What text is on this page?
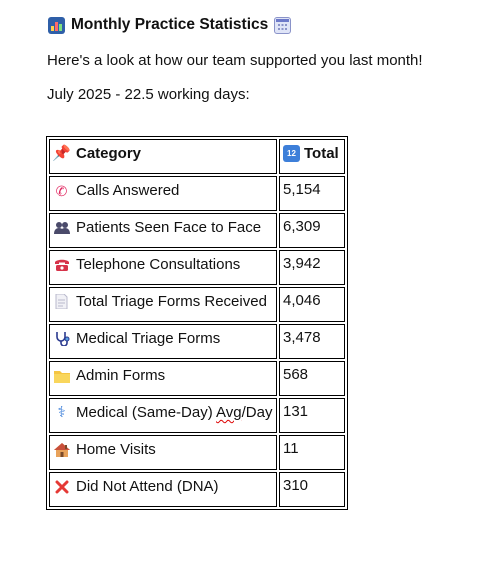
Monthly Practice Statistics
Here's a look at how our team supported you last month!
July 2025 - 22.5 working days:
📌 Category	12 Total

✆ Calls Answered	5,154

Patients Seen Face to Face	6,309

Telephone Consultations	3,942

Total Triage Forms Received	4,046

Medical Triage Forms	3,478

Admin Forms	568

⚕ Medical (Same-Day) Avg/Day	131

Home Visits	11

Did Not Attend (DNA)	310
